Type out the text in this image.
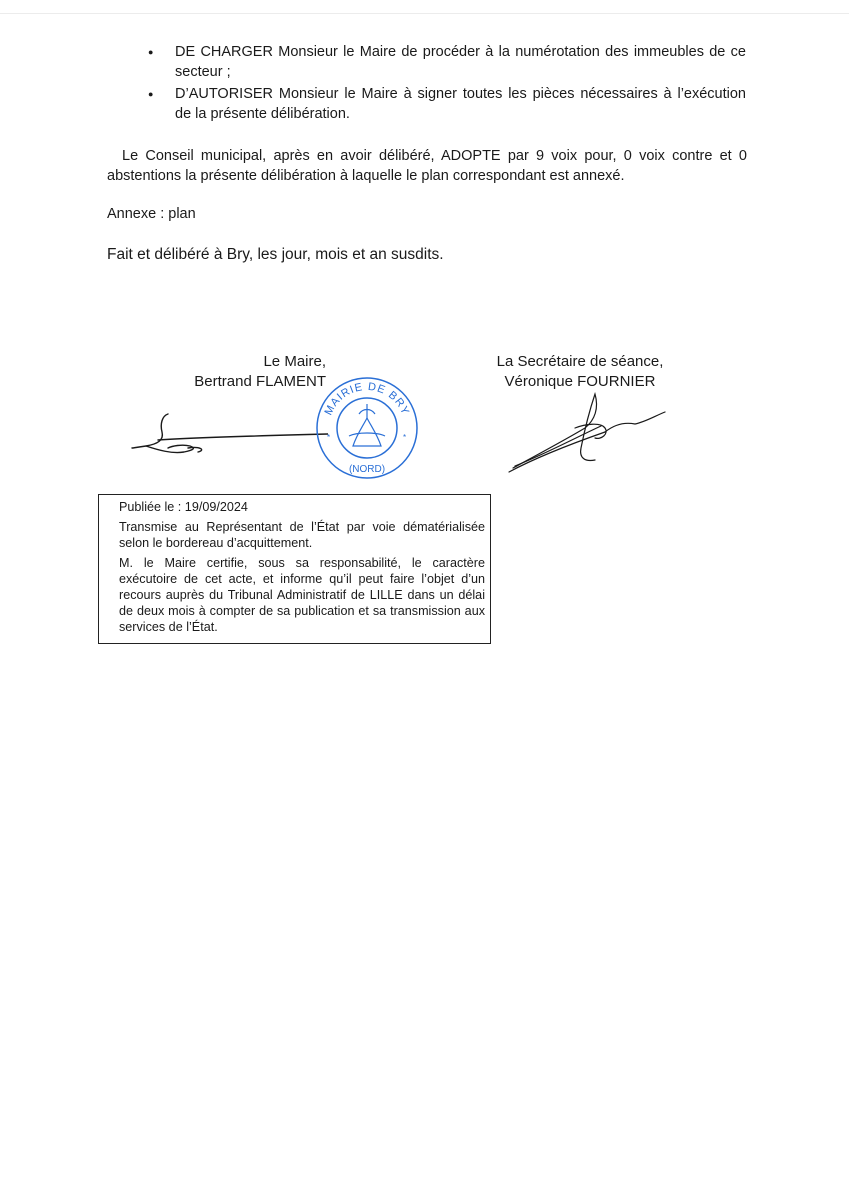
● DE CHARGER Monsieur le Maire de procéder à la numérotation des immeubles de ce secteur ;
● D’AUTORISER Monsieur le Maire à signer toutes les pièces nécessaires à l’exécution de la présente délibération.
Le Conseil municipal, après en avoir délibéré, ADOPTE par 9 voix pour, 0 voix contre et 0 abstentions la présente délibération à laquelle le plan correspondant est annexé.
Annexe : plan
Fait et délibéré à Bry, les jour, mois et an susdits.
Le Maire,
Bertrand FLAMENT
La Secrétaire de séance,
Véronique FOURNIER
MAIRIE DE BRY
(NORD)
*	*

Publiée le : 19/09/2024

Transmise au Représentant de l’État par voie dématérialisée selon le bordereau d’acquittement.

M. le Maire certifie, sous sa responsabilité, le caractère exécutoire de cet acte, et informe qu’il peut faire l’objet d’un recours auprès du Tribunal Administratif de LILLE dans un délai de deux mois à compter de sa publication et sa transmission aux services de l’État.
